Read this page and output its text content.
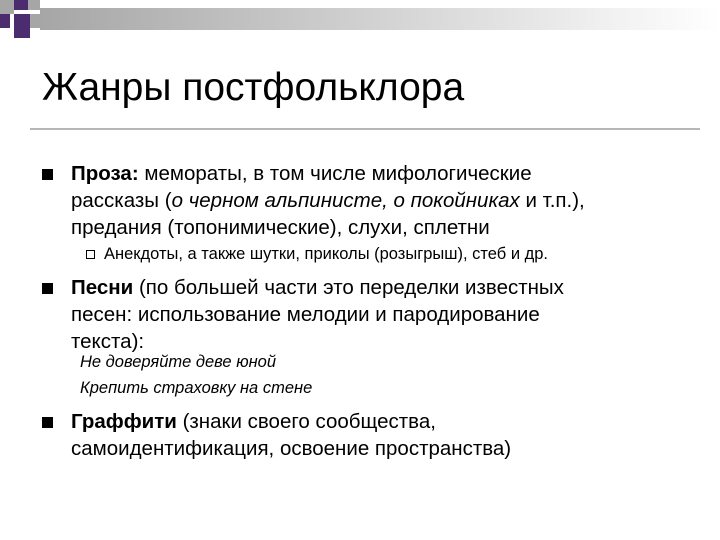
Жанры постфольклора
Проза: мемораты, в том числе мифологические
рассказы (о черном альпинисте, о покойниках и т.п.),
предания (топонимические), слухи, сплетни
Анекдоты, а также шутки, приколы (розыгрыш), стеб и др.
Песни (по большей части это переделки известных
песен: использование мелодии и пародирование
текста):
Не доверяйте деве юной
Крепить страховку на стене
Граффити (знаки своего сообщества,
самоидентификация, освоение пространства)
